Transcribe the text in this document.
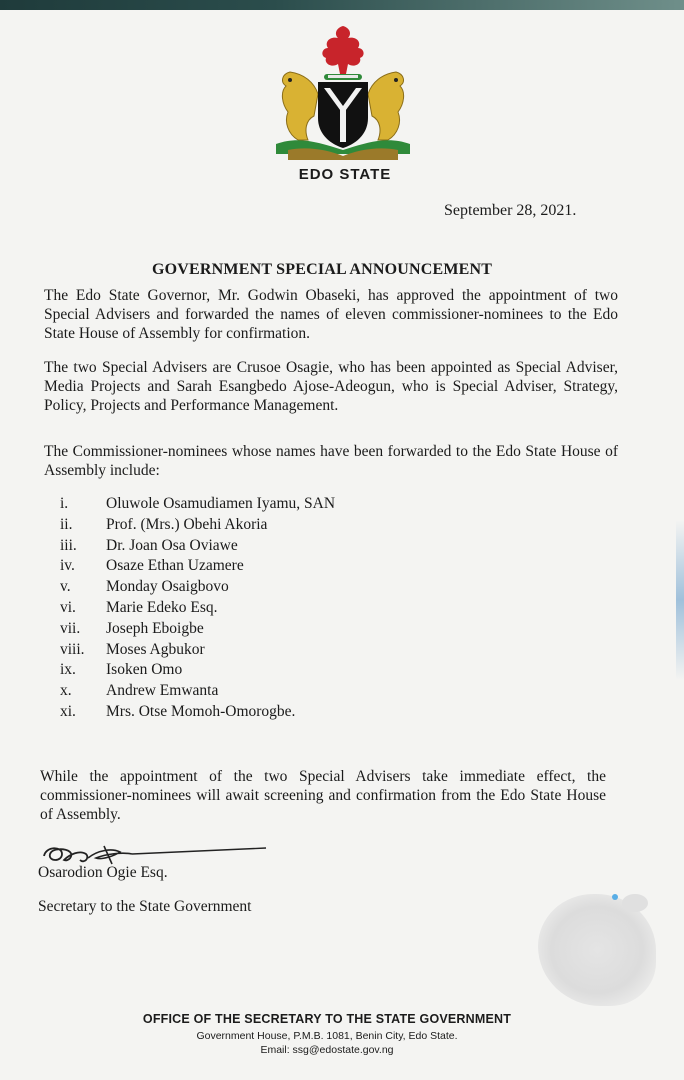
EDO STATE
September 28, 2021.
GOVERNMENT SPECIAL ANNOUNCEMENT
The Edo State Governor, Mr. Godwin Obaseki, has approved the appointment of two Special Advisers and forwarded the names of eleven commissioner-nominees to the Edo State House of Assembly for confirmation.
The two Special Advisers are Crusoe Osagie, who has been appointed as Special Adviser, Media Projects and Sarah Esangbedo Ajose-Adeogun, who is Special Adviser, Strategy, Policy, Projects and Performance Management.
The Commissioner-nominees whose names have been forwarded to the Edo State House of Assembly include:
i.	Oluwole Osamudiamen Iyamu, SAN
ii.	Prof. (Mrs.) Obehi Akoria
iii.	Dr. Joan Osa Oviawe
iv.	Osaze Ethan Uzamere
v.	Monday Osaigbovo
vi.	Marie Edeko Esq.
vii.	Joseph Eboigbe
viii.	Moses Agbukor
ix.	Isoken Omo
x.	Andrew Emwanta
xi.	Mrs. Otse Momoh-Omorogbe.
While the appointment of the two Special Advisers take immediate effect, the commissioner-nominees will await screening and confirmation from the Edo State House of Assembly.
Osarodion Ogie Esq.
Secretary to the State Government
OFFICE OF THE SECRETARY TO THE STATE GOVERNMENT
Government House, P.M.B. 1081, Benin City, Edo State.
Email: ssg@edostate.gov.ng
